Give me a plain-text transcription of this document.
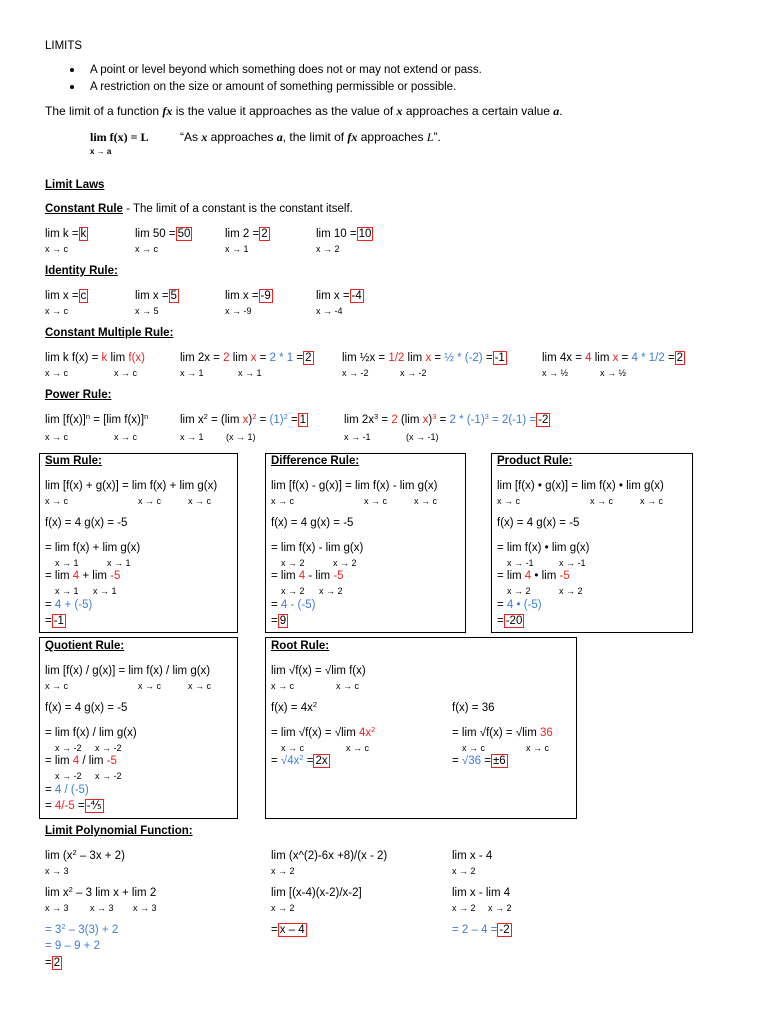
LIMITS
A point or level beyond which something does not or may not extend or pass.
A restriction on the size or amount of something permissible or possible.
The limit of a function fx is the value it approaches as the value of x approaches a certain value a.
lim f(x) = L
x → a
“As x approaches a, the limit of fx approaches L”.
Limit Laws
Constant Rule - The limit of a constant is the constant itself.
lim k = k
x → c
lim 50 = 50
x → c
lim 2 = 2
x → 1
lim 10 = 10
x → 2
Identity Rule:
lim x = c
x → c
lim x = 5
x → 5
lim x = -9
x → -9
lim x = -4
x → -4
Constant Multiple Rule:
lim k f(x) = k lim f(x)
x → c	x → c
lim 2x = 2 lim x = 2 * 1 = 2
x → 1	x → 1
lim ½x = 1/2 lim x = ½ * (-2) = -1
x → -2	x → -2
lim 4x = 4 lim x = 4 * 1/2 = 2
x → ½	x → ½
Power Rule:
$\lim [f(x)]^n = [\lim$ f(x)]$^n$
x → c	x → c
$\lim x^2 = (\lim$ $x)^2 = (1)^2 = 1$
x → 1 (x → 1)
$\lim 2x^3 = 2$ (lim $x)^3 = 2 * (-1)^3 = 2(-1) = -2$
x → -1	(x → -1)
Sum Rule:
lim [f(x) + g(x)] = lim f(x) + lim g(x)
x → c	x → c	x → c
f(x) = 4 g(x) = -5
= lim f(x) + lim g(x)
x → 1	x → 1
= lim 4 + lim -5
x → 1 x → 1
= 4 + (-5)
= -1
Difference Rule:
lim [f(x) - g(x)] = lim f(x) - lim g(x)
x → c	x → c	x → c
f(x) = 4 g(x) = -5
= lim f(x) - lim g(x)
x → 2	x → 2
= lim 4 - lim -5
x → 2 x → 2
= 4 - (-5)
= 9
Product Rule:
lim [f(x) • g(x)] = lim f(x) • lim g(x)
x → c	x → c	x → c
f(x) = 4 g(x) = -5
= lim f(x) • lim g(x)
x → -1	x → -1
= lim 4 • lim -5
x → 2	x → 2
= 4 • (-5)
= -20
Quotient Rule:
lim [f(x) / g(x)] = lim f(x) / lim g(x)
x → c	x → c	x → c
f(x) = 4 g(x) = -5
= lim f(x) / lim g(x)
x → -2 x → -2
= lim 4 / lim -5
x → -2 x → -2
= 4 / (-5)
= 4/-5 = -⅘
Root Rule:
lim √f(x) = √lim f(x)
x → c	x → c
$f(x) = 4x^2$	f(x) = 36
= lim √f(x) = √lim $4x^2$
x → c	x → c
= $√4x^2 = 2x$
= lim √f(x) = √lim 36
x → c	x → c
= √36 = ±6
Limit Polynomial Function:
$\lim (x^2 - 3x + 2)$
x → 3
$\lim x^2 - 3$ lim x + lim 2
x → 3 x → 3 x → 3
= $3^2 - 3(3) + 2$
= 9 – 9 + 2
= 2
lim (x^(2)-6x +8)/(x - 2)
x → 2
lim [(x-4)(x-2)/x-2]
x → 2
= x – 4
lim x - 4
x → 2
lim x - lim 4
x → 2 x → 2
= 2 – 4 = -2
